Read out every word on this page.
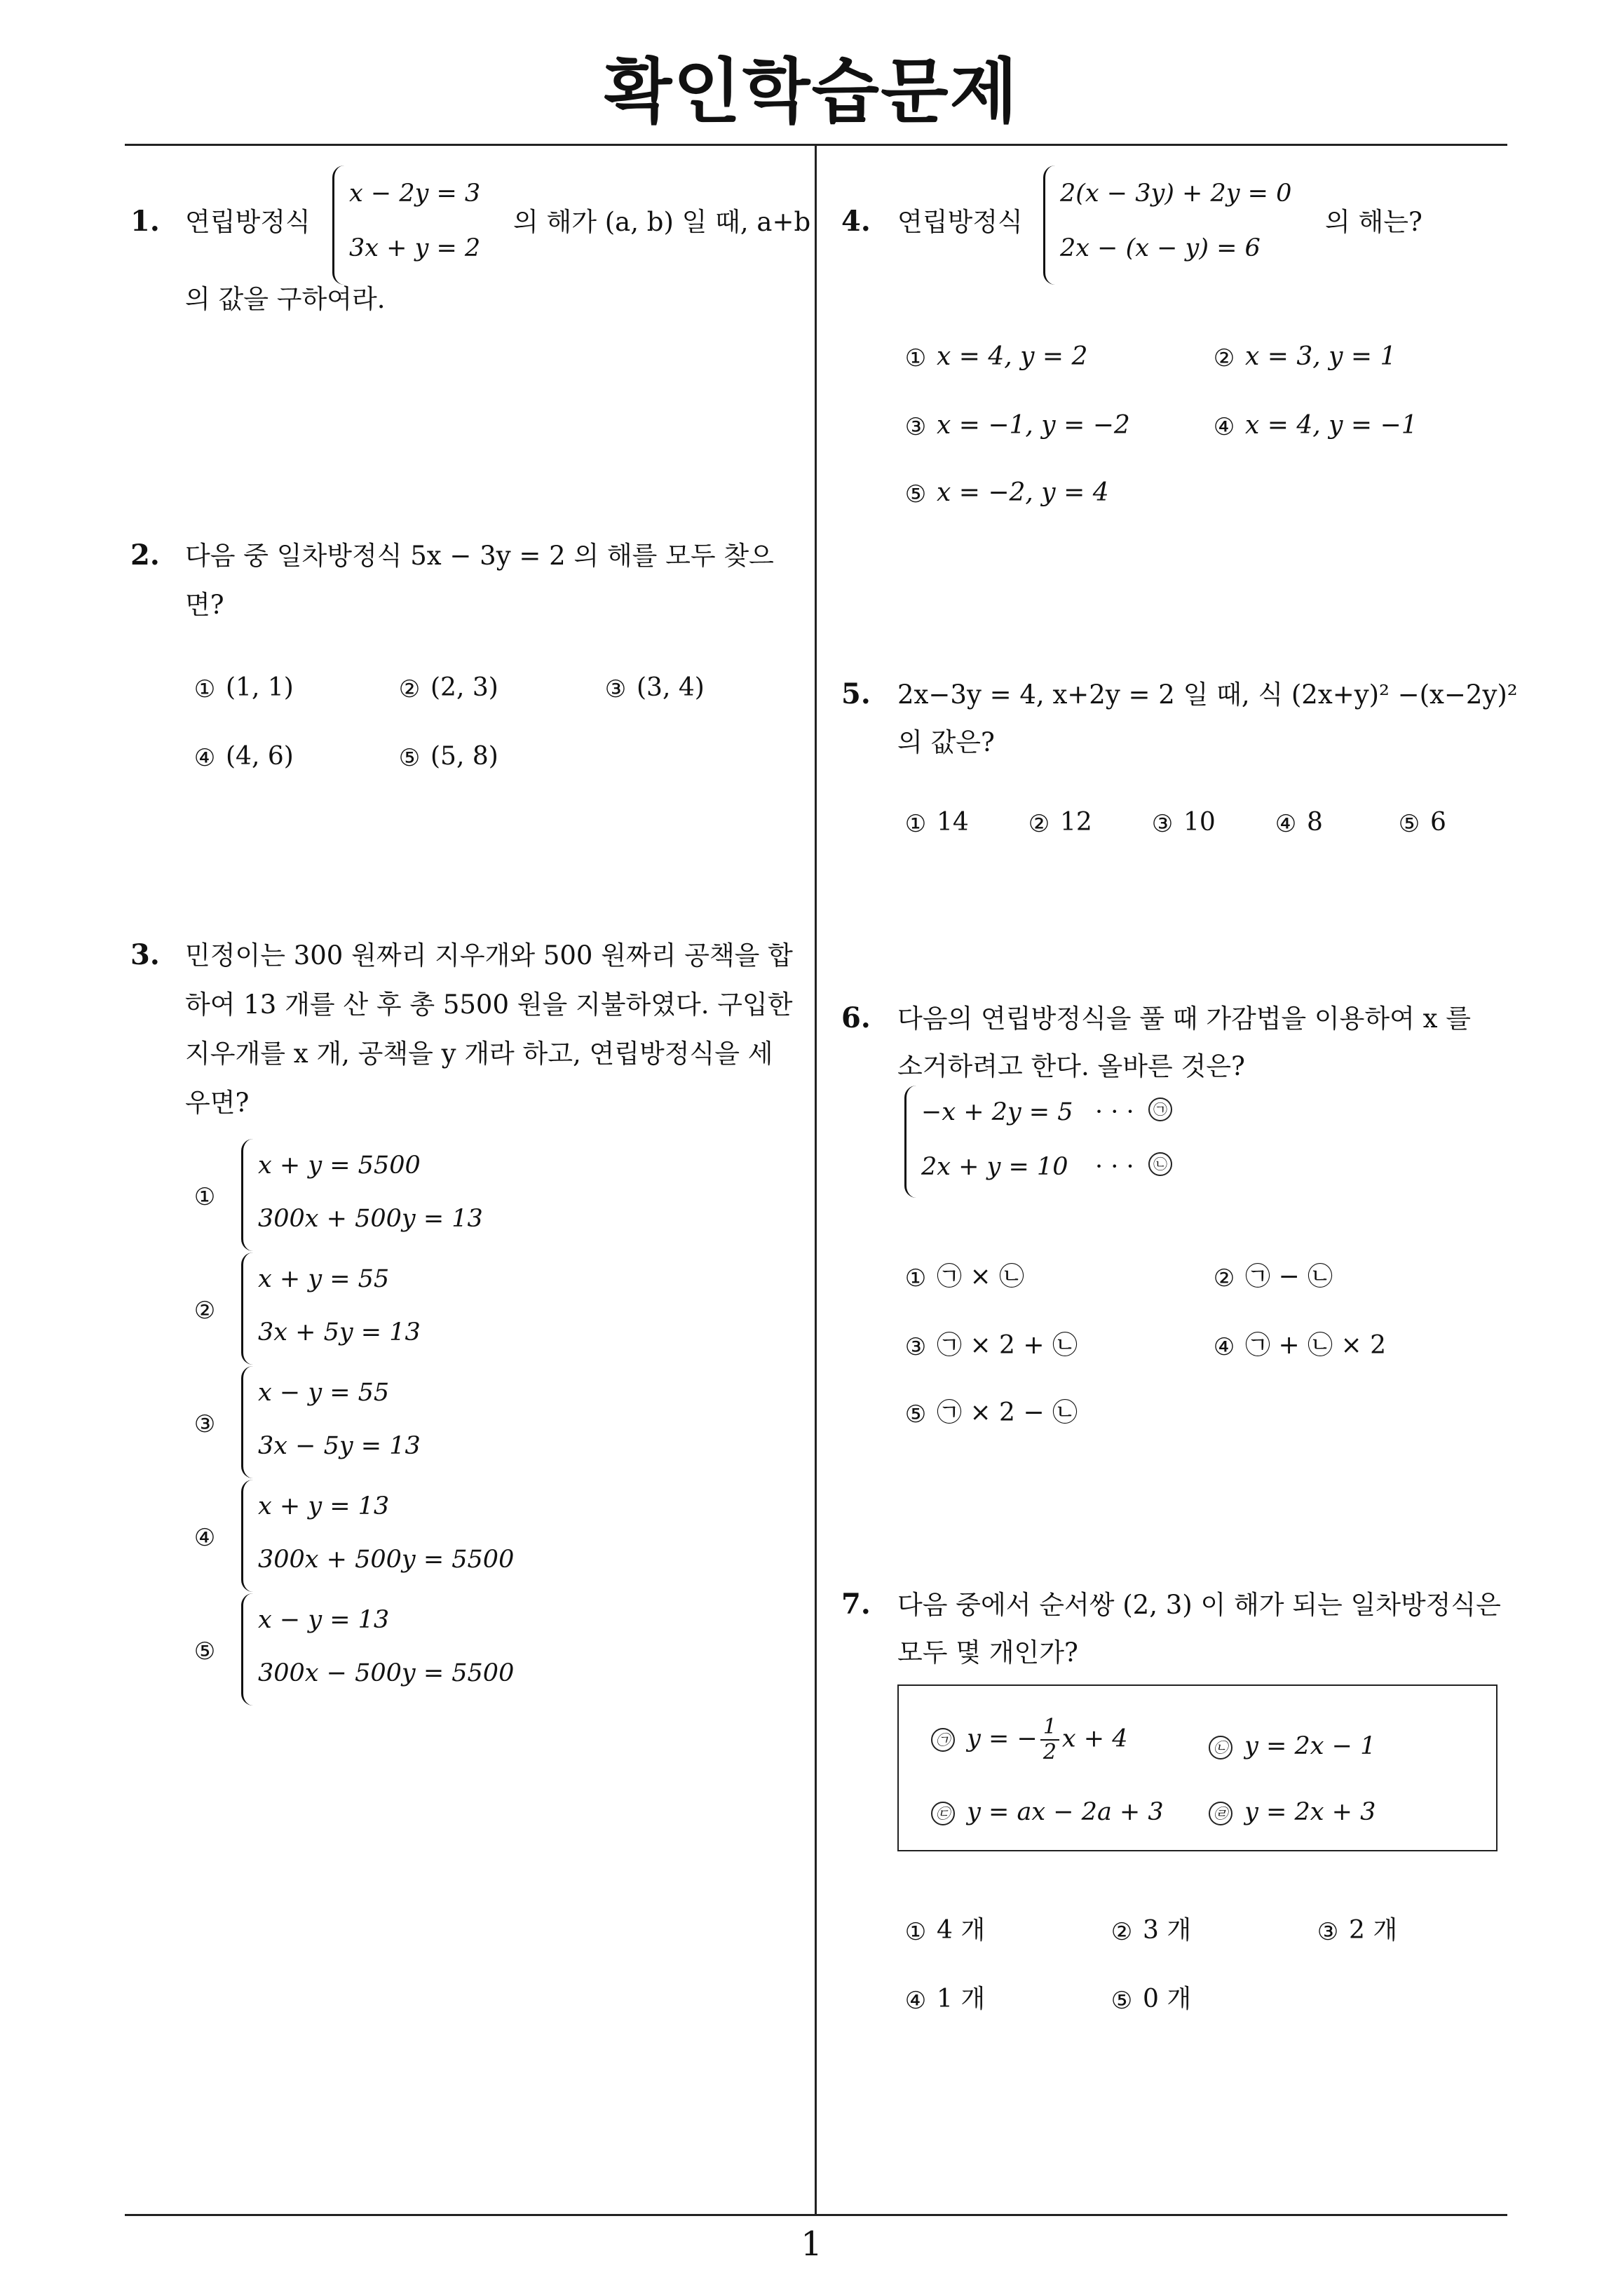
확인학습문제
1
1. 연립방정식
x − 2y = 3
3x + y = 2
의 해가 (a, b) 일 때, a+b
의 값을 구하여라.
2. 다음 중 일차방정식 5x − 3y = 2 의 해를 모두 찾으
면?
① (1, 1)	② (2, 3)	③ (3, 4)
④ (4, 6)	⑤ (5, 8)
3. 민정이는 300 원짜리 지우개와 500 원짜리 공책을 합
하여 13 개를 산 후 총 5500 원을 지불하였다. 구입한
지우개를 x 개, 공책을 y 개라 하고, 연립방정식을 세
우면?
①
x + y = 5500
300x + 500y = 13
②
x + y = 55
3x + 5y = 13
③
x − y = 55
3x − 5y = 13
④
x + y = 13
300x + 500y = 5500
⑤
x − y = 13
300x − 500y = 5500
4. 연립방정식
2(x − 3y) + 2y = 0
2x − (x − y) = 6
의 해는?
① x = 4, y = 2	② x = 3, y = 1
③ x = −1, y = −2	④ x = 4, y = −1
⑤ x = −2, y = 4
5. 2x−3y = 4, x+2y = 2 일 때, 식 (2x+y)² −(x−2y)²
의 값은?
① 14 ② 12 ③ 10 ④ 8	⑤ 6
6. 다음의 연립방정식을 풀 때 가감법을 이용하여 x 를
소거하려고 한다. 올바른 것은?
−x + 2y = 5 · · ·	㉠
2x + y = 10 · · ·	㉡
① ㉠ × ㉡	② ㉠ − ㉡
③ ㉠ × 2 + ㉡	④ ㉠ + ㉡ × 2
⑤ ㉠ × 2 − ㉡
7. 다음 중에서 순서쌍 (2, 3) 이 해가 되는 일차방정식은
모두 몇 개인가?
㉠ y = − $\frac{1}{2}$ x + 4	㉡ y = 2x − 1
㉢ y = ax − 2a + 3	㉣ y = 2x + 3
① 4 개	② 3 개	③ 2 개
④ 1 개	⑤ 0 개
